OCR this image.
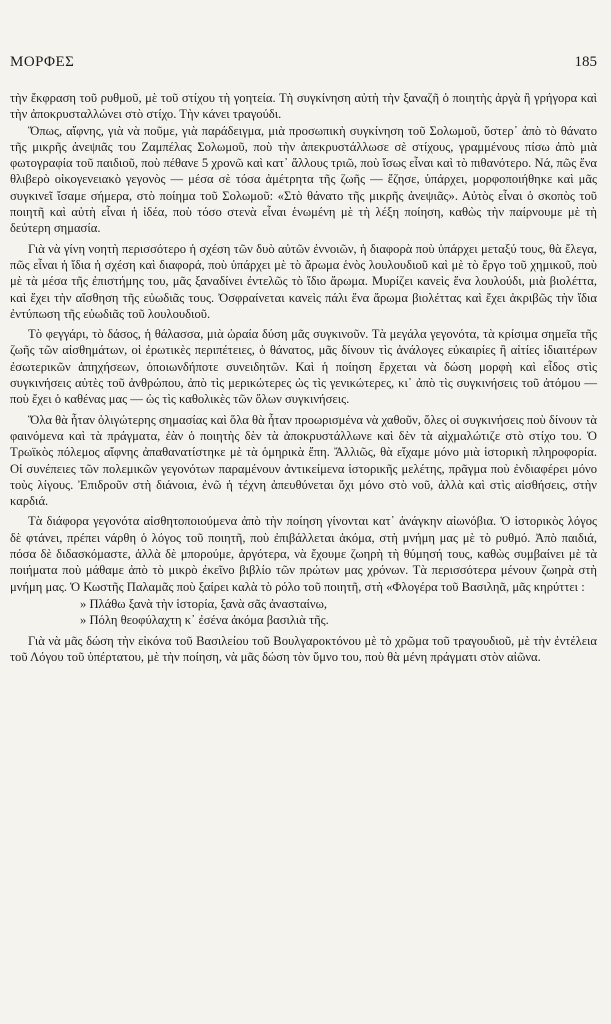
ΜΟΡΦΕΣ	185

τὴν ἔκφραση τοῦ ρυθμοῦ, μὲ τοῦ στίχου τὴ γοητεία. Τὴ συγκίνηση αὐτὴ τὴν ξαναζῆ ὁ ποιητὴς ἀργὰ ἢ γρήγορα καὶ τὴν ἀποκρυσταλλώνει στὸ στίχο. Τὴν κάνει τραγούδι.

Ὅπως, αἴφνης, γιὰ νὰ ποῦμε, γιὰ παράδειγμα, μιὰ προσωπικὴ συγκίνηση τοῦ Σολωμοῦ, ὕστερ᾽ ἀπὸ τὸ θάνατο τῆς μικρῆς ἀνεψιᾶς του Ζαμπέλας Σολωμοῦ, ποὺ τὴν ἀπεκρυστάλλωσε σὲ στίχους, γραμμένους πίσω ἀπὸ μιὰ φωτογραφία τοῦ παιδιοῦ, ποὺ πέθανε 5 χρονῶ καὶ κατ᾽ ἄλλους τριῶ, ποὺ ἴσως εἶναι καὶ τὸ πιθανότερο. Νά, πῶς ἕνα θλιβερὸ οἰκογενειακὸ γεγονὸς — μέσα σὲ τόσα ἀμέτρητα τῆς ζωῆς — ἔζησε, ὑπάρχει, μορφοποιήθηκε καὶ μᾶς συγκινεῖ ἴσαμε σήμερα, στὸ ποίημα τοῦ Σολωμοῦ: «Στὸ θάνατο τῆς μικρῆς ἀνεψιᾶς». Αὐτὸς εἶναι ὁ σκοπὸς τοῦ ποιητῆ καὶ αὐτὴ εἶναι ἡ ἰδέα, ποὺ τόσο στενὰ εἶναι ἑνωμένη μὲ τὴ λέξη ποίηση, καθὼς τὴν παίρνουμε μὲ τὴ δεύτερη σημασία.

Γιὰ νὰ γίνη νοητὴ περισσότερο ἡ σχέση τῶν δυὸ αὐτῶν ἐννοιῶν, ἡ διαφορὰ ποὺ ὑπάρχει μεταξύ τους, θὰ ἔλεγα, πῶς εἶναι ἡ ἴδια ἡ σχέση καὶ διαφορά, ποὺ ὑπάρχει μὲ τὸ ἄρωμα ἑνὸς λουλουδιοῦ καὶ μὲ τὸ ἔργο τοῦ χημικοῦ, ποὺ μὲ τὰ μέσα τῆς ἐπιστήμης του, μᾶς ξαναδίνει ἐντελῶς τὸ ἴδιο ἄρωμα. Μυρίζει κανεὶς ἕνα λουλούδι, μιὰ βιολέττα, καὶ ἔχει τὴν αἴσθηση τῆς εὐωδιᾶς τους. Ὀσφραίνεται κανεὶς πάλι ἕνα ἄρωμα βιολέττας καὶ ἔχει ἀκριβῶς τὴν ἴδια ἐντύπωση τῆς εὐωδιᾶς τοῦ λουλουδιοῦ.

Τὸ φεγγάρι, τὸ δάσος, ἡ θάλασσα, μιὰ ὡραία δύση μᾶς συγκινοῦν. Τὰ μεγάλα γεγονότα, τὰ κρίσιμα σημεῖα τῆς ζωῆς τῶν αἰσθημάτων, οἱ ἐρωτικὲς περιπέτειες, ὁ θάνατος, μᾶς δίνουν τὶς ἀνάλογες εὐκαιρίες ἢ αἰτίες ἰδιαιτέρων ἐσωτερικῶν ἀπηχήσεων, ὁποιωνδήποτε συνειδητῶν. Καὶ ἡ ποίηση ἔρχεται νὰ δώση μορφὴ καὶ εἶδος στὶς συγκινήσεις αὐτὲς τοῦ ἀνθρώπου, ἀπὸ τὶς μερικώτερες ὡς τὶς γενικώτερες, κι᾽ ἀπὸ τὶς συγκινήσεις τοῦ ἀτόμου — ποὺ ἔχει ὁ καθένας μας — ὡς τὶς καθολικὲς τῶν ὅλων συγκινήσεις.

Ὅλα θὰ ἦταν ὀλιγώτερης σημασίας καὶ ὅλα θὰ ἦταν προωρισμένα νὰ χαθοῦν, ὅλες οἱ συγκινήσεις ποὺ δίνουν τὰ φαινόμενα καὶ τὰ πράγματα, ἐὰν ὁ ποιητὴς δὲν τὰ ἀποκρυστάλλωνε καὶ δὲν τὰ αἰχμαλώτιζε στὸ στίχο του. Ὁ Τρωϊκὸς πόλεμος αἴφνης ἀπαθανατίστηκε μὲ τὰ ὁμηρικὰ ἔπη. Ἄλλιῶς, θὰ εἴχαμε μόνο μιὰ ἱστορικὴ πληροφορία. Οἱ συνέπειες τῶν πολεμικῶν γεγονότων παραμένουν ἀντικείμενα ἱστορικῆς μελέτης, πρᾶγμα ποὺ ἐνδιαφέρει μόνο τοὺς λίγους. Ἐπιδροῦν στὴ διάνοια, ἐνῶ ἡ τέχνη ἀπευθύνεται ὄχι μόνο στὸ νοῦ, ἀλλὰ καὶ στὶς αἰσθήσεις, στὴν καρδιά.

Τὰ διάφορα γεγονότα αἰσθητοποιούμενα ἀπὸ τὴν ποίηση γίνονται κατ᾽ ἀνάγκην αἰωνόβια. Ὁ ἱστορικὸς λόγος δὲ φτάνει, πρέπει νάρθη ὁ λόγος τοῦ ποιητῆ, ποὺ ἐπιβάλλεται ἀκόμα, στὴ μνήμη μας μὲ τὸ ρυθμό. Ἀπὸ παιδιά, πόσα δὲ διδασκόμαστε, ἀλλὰ δὲ μπορούμε, ἀργότερα, νὰ ἔχουμε ζωηρὴ τὴ θύμησή τους, καθὼς συμβαίνει μὲ τὰ ποιήματα ποὺ μάθαμε ἀπὸ τὸ μικρὸ ἐκεῖνο βιβλίο τῶν πρώτων μας χρόνων. Τὰ περισσότερα μένουν ζωηρὰ στὴ μνήμη μας. Ὁ Κωστῆς Παλαμᾶς ποὺ ξαίρει καλὰ τὸ ρόλο τοῦ ποιητῆ, στὴ «Φλογέρα τοῦ Βασιληᾶ, μᾶς κηρύττει :

» Πλάθω ξανὰ τὴν ἱστορία, ξανὰ σᾶς ἀνασταίνω,
» Πόλη θεοφύλαχτη κ᾽ ἐσένα ἀκόμα βασιλιὰ τῆς.

Γιὰ νὰ μᾶς δώση τὴν εἰκόνα τοῦ Βασιλείου τοῦ Βουλγαροκτόνου μὲ τὸ χρῶμα τοῦ τραγουδιοῦ, μὲ τὴν ἐντέλεια τοῦ Λόγου τοῦ ὑπέρτατου, μὲ τὴν ποίηση, νὰ μᾶς δώση τὸν ὕμνο του, ποὺ θὰ μένη πράγματι στὸν αἰῶνα.
